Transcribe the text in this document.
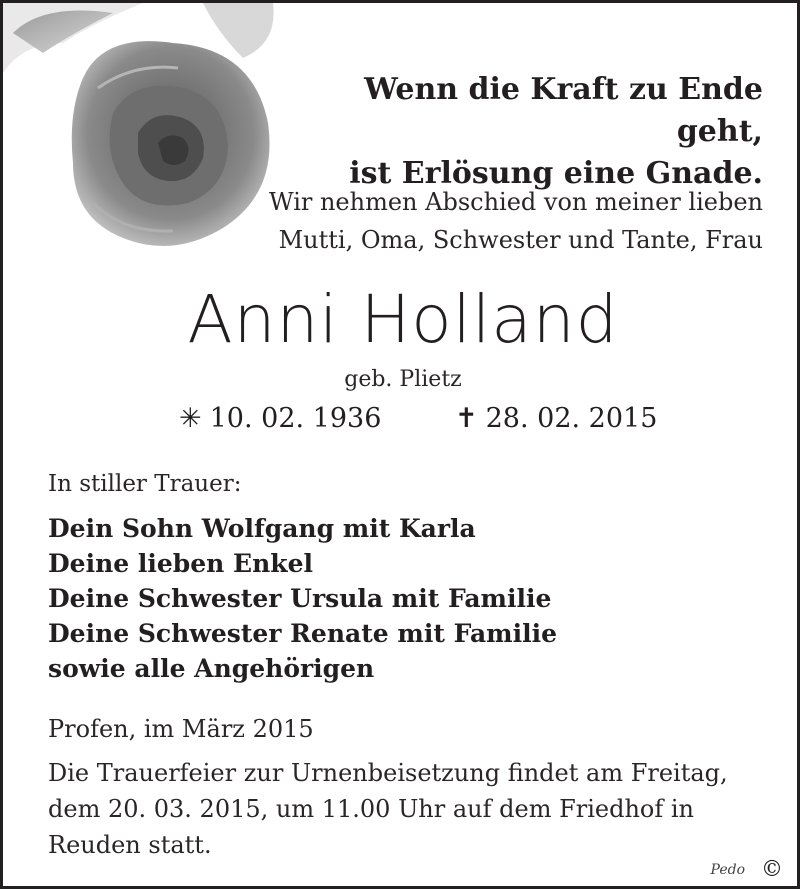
Wenn die Kraft zu Ende geht,
ist Erlösung eine Gnade.
Wir nehmen Abschied von meiner lieben
Mutti, Oma, Schwester und Tante, Frau
Anni Holland
geb. Plietz
✳ 10. 02. 1936	✝ 28. 02. 2015
In stiller Trauer:
Dein Sohn Wolfgang mit Karla
Deine lieben Enkel
Deine Schwester Ursula mit Familie
Deine Schwester Renate mit Familie
sowie alle Angehörigen
Profen, im März 2015
Die Trauerfeier zur Urnenbeisetzung findet am Freitag, dem 20. 03. 2015, um 11.00 Uhr auf dem Friedhof in Reuden statt.
Pedo ©
